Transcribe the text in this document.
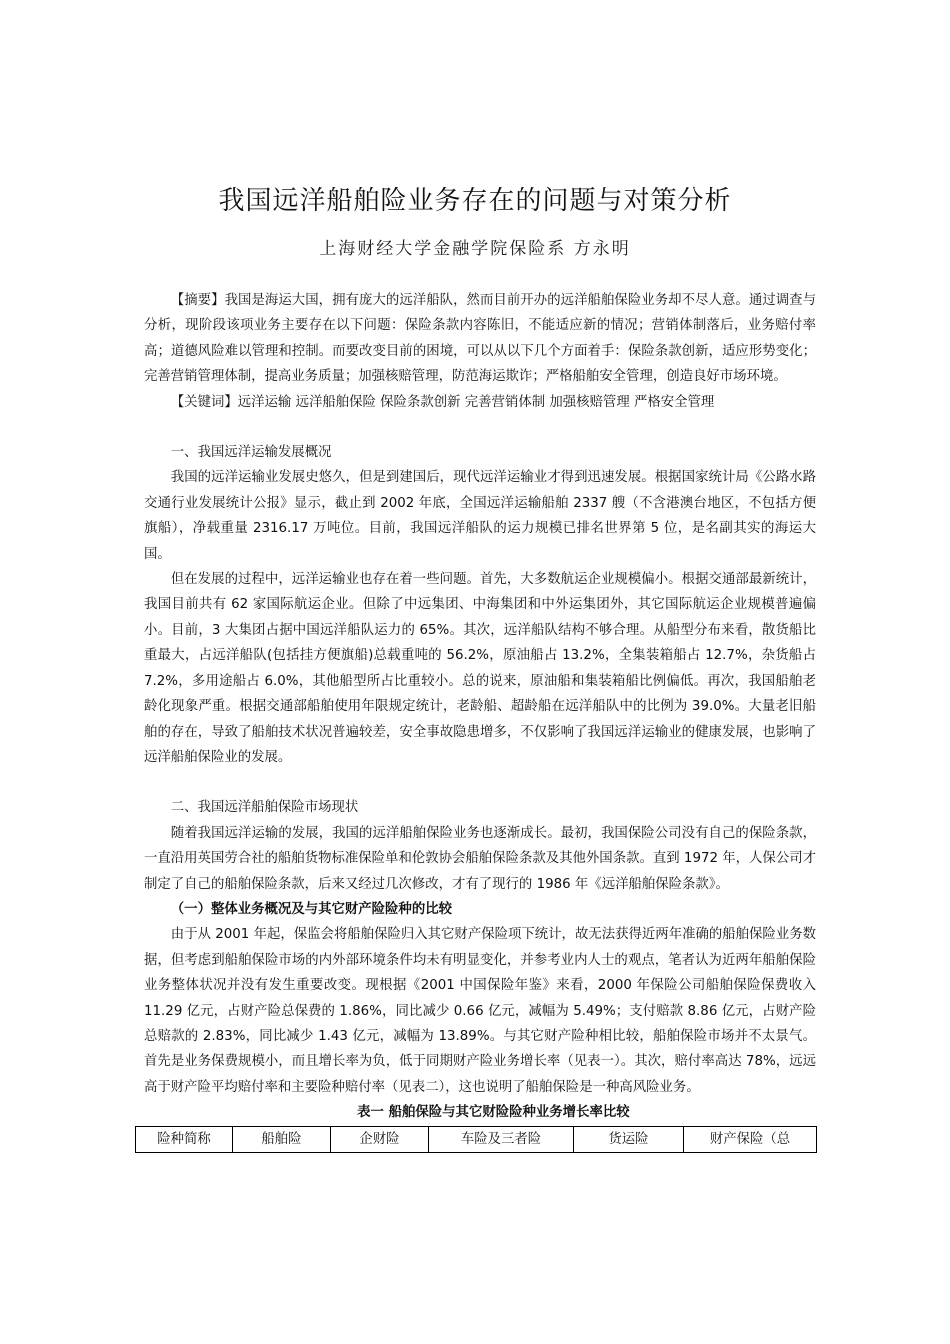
我国远洋船舶险业务存在的问题与对策分析
上海财经大学金融学院保险系 方永明

【摘要】我国是海运大国，拥有庞大的远洋船队，然而目前开办的远洋船舶保险业务却不尽人意。通过调查与分析，现阶段该项业务主要存在以下问题：保险条款内容陈旧，不能适应新的情况；营销体制落后，业务赔付率高；道德风险难以管理和控制。而要改变目前的困境，可以从以下几个方面着手：保险条款创新，适应形势变化；完善营销管理体制，提高业务质量；加强核赔管理，防范海运欺诈；严格船舶安全管理，创造良好市场环境。

【关键词】远洋运输 远洋船舶保险 保险条款创新 完善营销体制 加强核赔管理 严格安全管理

一、我国远洋运输发展概况

我国的远洋运输业发展史悠久，但是到建国后，现代远洋运输业才得到迅速发展。根据国家统计局《公路水路交通行业发展统计公报》显示，截止到 2002 年底，全国远洋运输船舶 2337 艘（不含港澳台地区，不包括方便旗船），净载重量 2316.17 万吨位。目前，我国远洋船队的运力规模已排名世界第 5 位，是名副其实的海运大国。

但在发展的过程中，远洋运输业也存在着一些问题。首先，大多数航运企业规模偏小。根据交通部最新统计，我国目前共有 62 家国际航运企业。但除了中远集团、中海集团和中外运集团外，其它国际航运企业规模普遍偏小。目前，3 大集团占据中国远洋船队运力的 65%。其次，远洋船队结构不够合理。从船型分布来看，散货船比重最大，占远洋船队(包括挂方便旗船)总载重吨的 56.2%，原油船占 13.2%，全集装箱船占 12.7%，杂货船占 7.2%，多用途船占 6.0%，其他船型所占比重较小。总的说来，原油船和集装箱船比例偏低。再次，我国船舶老龄化现象严重。根据交通部船舶使用年限规定统计，老龄船、超龄船在远洋船队中的比例为 39.0%。大量老旧船舶的存在，导致了船舶技术状况普遍较差，安全事故隐患增多，不仅影响了我国远洋运输业的健康发展，也影响了远洋船舶保险业的发展。

二、我国远洋船舶保险市场现状

随着我国远洋运输的发展，我国的远洋船舶保险业务也逐渐成长。最初，我国保险公司没有自己的保险条款，一直沿用英国劳合社的船舶货物标准保险单和伦敦协会船舶保险条款及其他外国条款。直到 1972 年，人保公司才制定了自己的船舶保险条款，后来又经过几次修改，才有了现行的 1986 年《远洋船舶保险条款》。

（一）整体业务概况及与其它财产险险种的比较

由于从 2001 年起，保监会将船舶保险归入其它财产保险项下统计，故无法获得近两年准确的船舶保险业务数据，但考虑到船舶保险市场的内外部环境条件均未有明显变化，并参考业内人士的观点，笔者认为近两年船舶保险业务整体状况并没有发生重要改变。现根据《2001 中国保险年鉴》来看，2000 年保险公司船舶保险保费收入 11.29 亿元，占财产险总保费的 1.86%，同比减少 0.66 亿元，减幅为 5.49%；支付赔款 8.86 亿元，占财产险总赔款的 2.83%，同比减少 1.43 亿元，减幅为 13.89%。与其它财产险种相比较，船舶保险市场并不太景气。首先是业务保费规模小，而且增长率为负，低于同期财产险业务增长率（见表一）。其次，赔付率高达 78%，远远高于财产险平均赔付率和主要险种赔付率（见表二），这也说明了船舶保险是一种高风险业务。

表一 船舶保险与其它财险险种业务增长率比较

险种简称	船舶险	企财险	车险及三者险	货运险	财产保险（总
